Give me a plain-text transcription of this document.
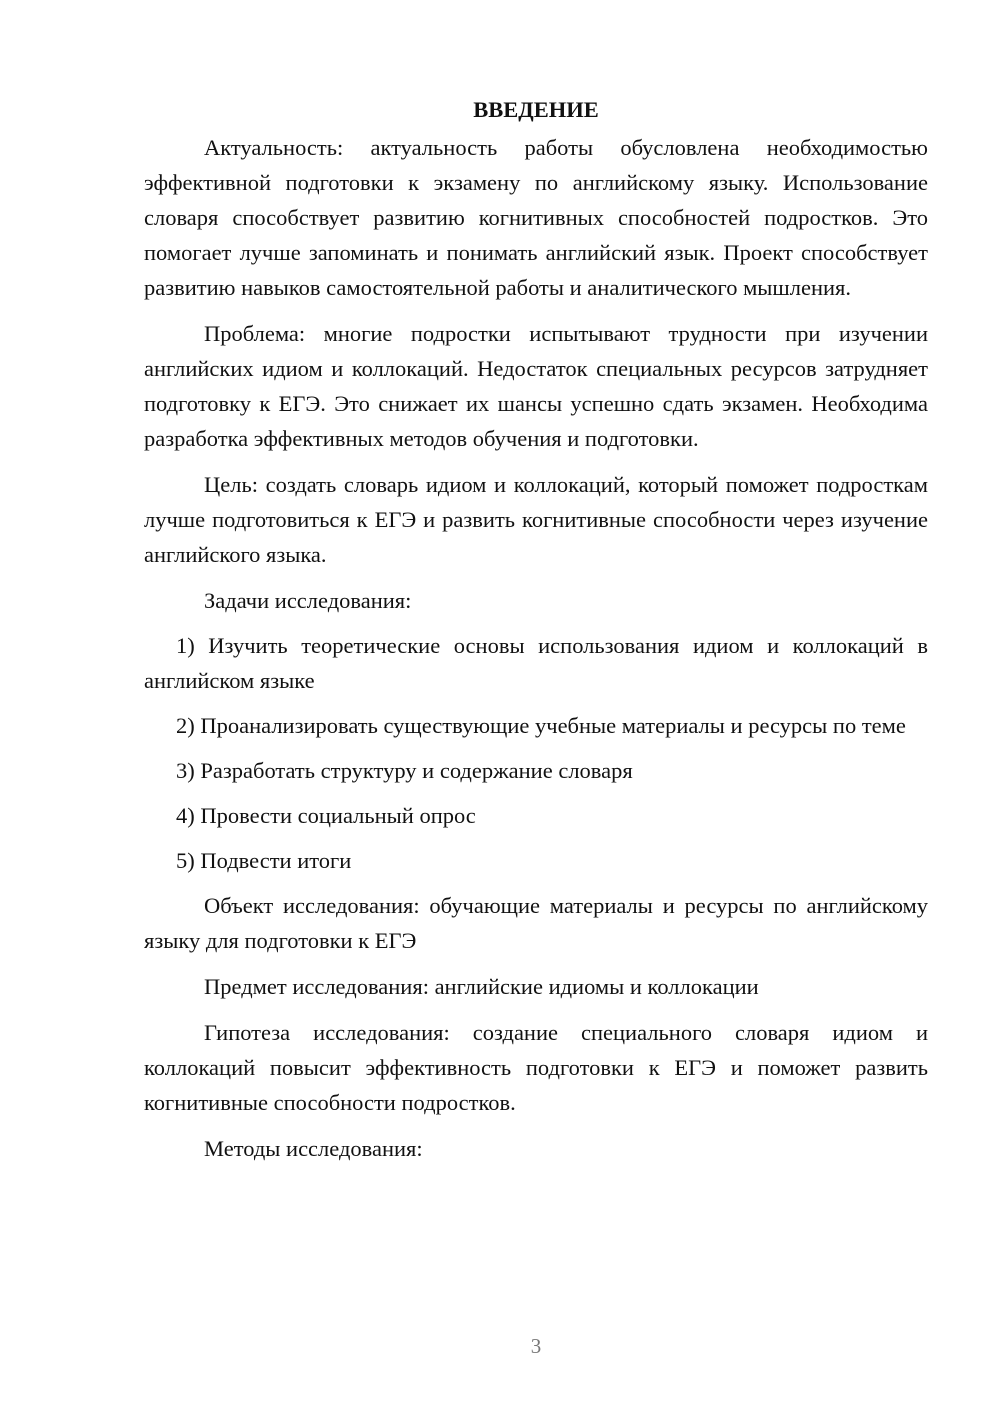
ВВЕДЕНИЕ
Актуальность: актуальность работы обусловлена необходимостью эффективной подготовки к экзамену по английскому языку. Использование словаря способствует развитию когнитивных способностей подростков. Это помогает лучше запоминать и понимать английский язык. Проект способствует развитию навыков самостоятельной работы и аналитического мышления.
Проблема: многие подростки испытывают трудности при изучении английских идиом и коллокаций. Недостаток специальных ресурсов затрудняет подготовку к ЕГЭ. Это снижает их шансы успешно сдать экзамен. Необходима разработка эффективных методов обучения и подготовки.
Цель: создать словарь идиом и коллокаций, который поможет подросткам лучше подготовиться к ЕГЭ и развить когнитивные способности через изучение английского языка.
Задачи исследования:
1) Изучить теоретические основы использования идиом и коллокаций в английском языке
2) Проанализировать существующие учебные материалы и ресурсы по теме
3) Разработать структуру и содержание словаря
4) Провести социальный опрос
5) Подвести итоги
Объект исследования: обучающие материалы и ресурсы по английскому языку для подготовки к ЕГЭ
Предмет исследования: английские идиомы и коллокации
Гипотеза исследования: создание специального словаря идиом и коллокаций повысит эффективность подготовки к ЕГЭ и поможет развить когнитивные способности подростков.
Методы исследования:
3
